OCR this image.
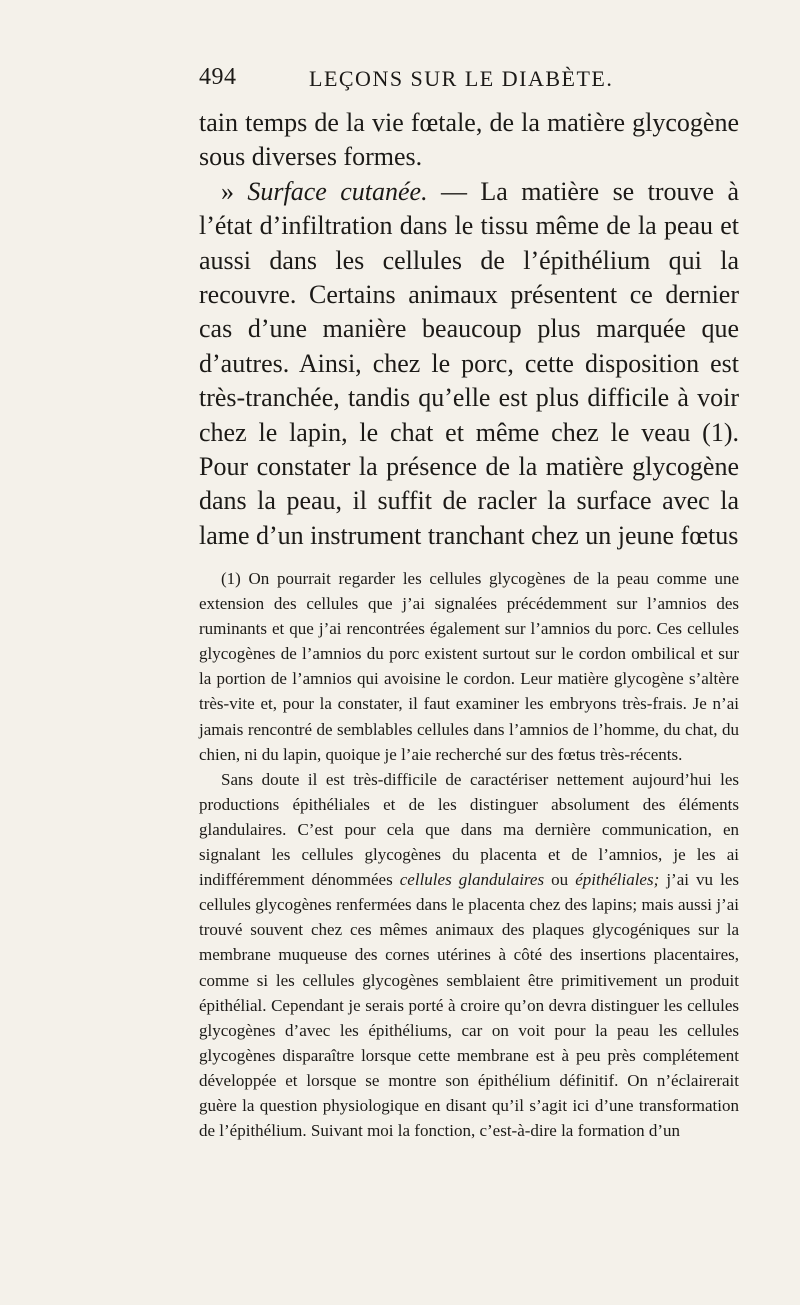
494	LEÇONS SUR LE DIABÈTE.

tain temps de la vie fœtale, de la matière glycogène sous diverses formes.

» Surface cutanée. — La matière se trouve à l’état d’infiltration dans le tissu même de la peau et aussi dans les cellules de l’épithélium qui la recouvre. Certains animaux présentent ce dernier cas d’une manière beaucoup plus marquée que d’autres. Ainsi, chez le porc, cette disposition est très-tranchée, tandis qu’elle est plus difficile à voir chez le lapin, le chat et même chez le veau (1). Pour constater la présence de la matière glycogène dans la peau, il suffit de racler la surface avec la lame d’un instrument tranchant chez un jeune fœtus

(1) On pourrait regarder les cellules glycogènes de la peau comme une extension des cellules que j’ai signalées précédemment sur l’amnios des ruminants et que j’ai rencontrées également sur l’amnios du porc. Ces cellules glycogènes de l’amnios du porc existent surtout sur le cordon ombilical et sur la portion de l’amnios qui avoisine le cordon. Leur matière glycogène s’altère très-vite et, pour la constater, il faut examiner les embryons très-frais. Je n’ai jamais rencontré de semblables cellules dans l’amnios de l’homme, du chat, du chien, ni du lapin, quoique je l’aie recherché sur des fœtus très-récents.

Sans doute il est très-difficile de caractériser nettement aujourd’hui les productions épithéliales et de les distinguer absolument des éléments glandulaires. C’est pour cela que dans ma dernière communication, en signalant les cellules glycogènes du placenta et de l’amnios, je les ai indifféremment dénommées cellules glandulaires ou épithéliales; j’ai vu les cellules glycogènes renfermées dans le placenta chez des lapins; mais aussi j’ai trouvé souvent chez ces mêmes animaux des plaques glycogéniques sur la membrane muqueuse des cornes utérines à côté des insertions placentaires, comme si les cellules glycogènes semblaient être primitivement un produit épithélial. Cependant je serais porté à croire qu’on devra distinguer les cellules glycogènes d’avec les épithéliums, car on voit pour la peau les cellules glycogènes disparaître lorsque cette membrane est à peu près complétement développée et lorsque se montre son épithélium définitif. On n’éclairerait guère la question physiologique en disant qu’il s’agit ici d’une transformation de l’épithélium. Suivant moi la fonction, c’est-à-dire la formation d’un
